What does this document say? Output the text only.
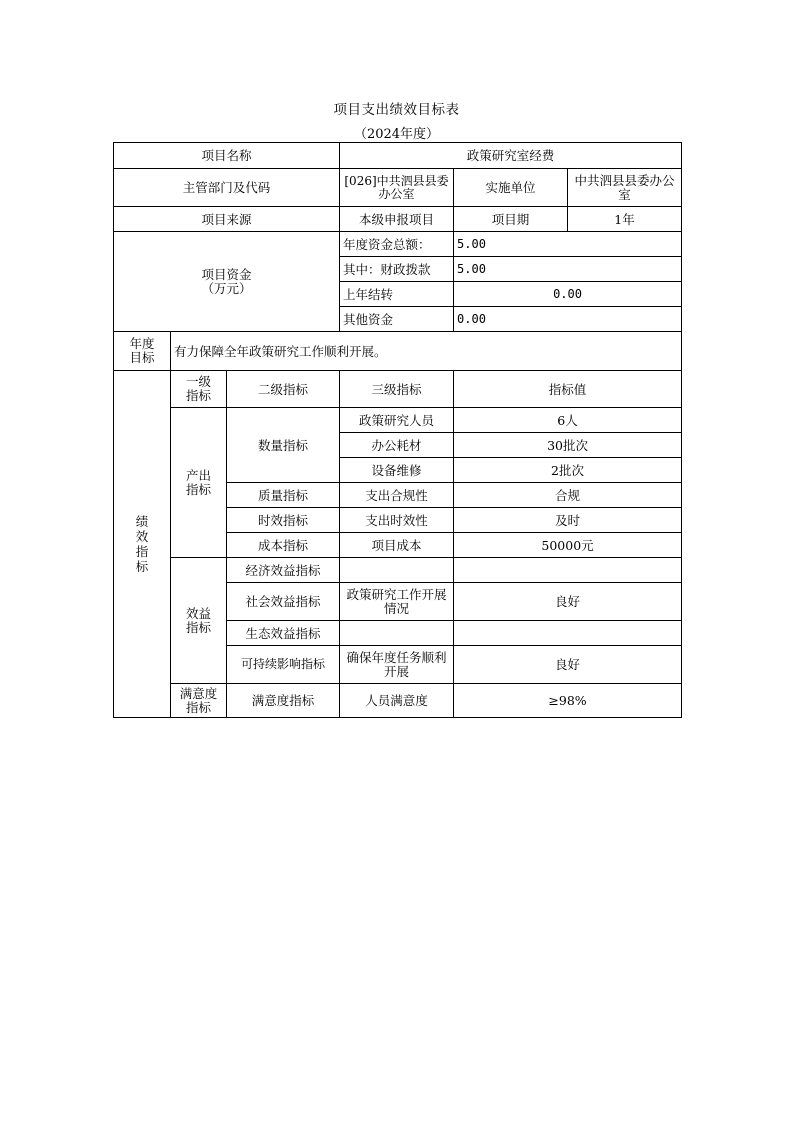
项目支出绩效目标表
（2024年度）
项目名称			政策研究室经费		
主管部门及代码			[026]中共泗县县委办公室	实施单位	中共泗县县委办公室
项目来源			本级申报项目	项目期	1年
项目资金（万元）			年度资金总额：	5.00	
			其中：财政拨款	5.00	
			上年结转	0.00	
			其他资金	0.00	
年度目标	有力保障全年政策研究工作顺利开展。				
绩效指标	一级指标	二级指标	三级指标	指标值	
	产出指标	数量指标	政策研究人员	6人	
			办公耗材	30批次	
			设备维修	2批次	
		质量指标	支出合规性	合规	
		时效指标	支出时效性	及时	
		成本指标	项目成本	50000元	
	效益指标	经济效益指标			
		社会效益指标	政策研究工作开展情况	良好	
		生态效益指标			
		可持续影响指标	确保年度任务顺利开展	良好	
	满意度指标	满意度指标	人员满意度	≥98%	
